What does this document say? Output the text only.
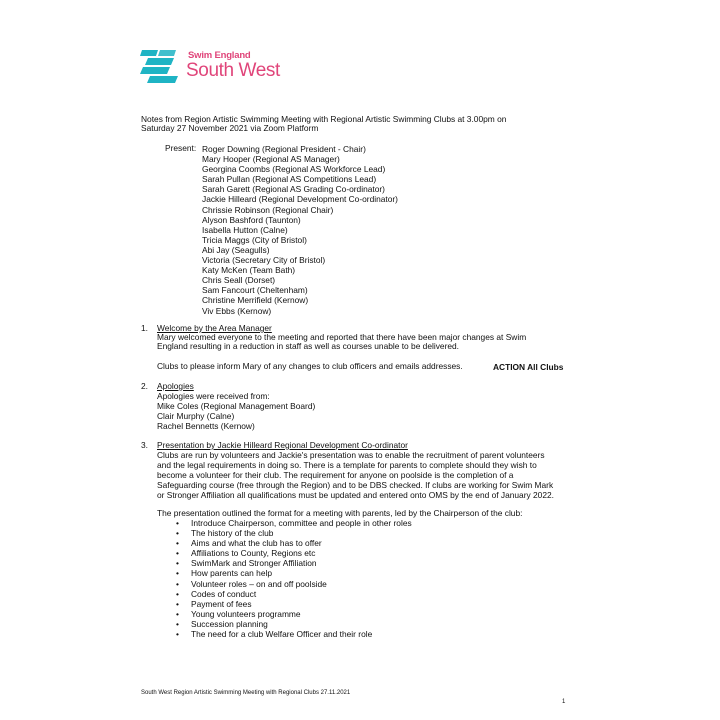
Swim England
South West
Notes from Region Artistic Swimming Meeting with Regional Artistic Swimming Clubs at 3.00pm on
Saturday 27 November 2021 via Zoom Platform
Present: Roger Downing (Regional President - Chair)
Mary Hooper (Regional AS Manager)
Georgina Coombs (Regional AS Workforce Lead)
Sarah Pullan (Regional AS Competitions Lead)
Sarah Garett (Regional AS Grading Co-ordinator)
Jackie Hilleard (Regional Development Co-ordinator)
Chrissie Robinson (Regional Chair)
Alyson Bashford (Taunton)
Isabella Hutton (Calne)
Tricia Maggs (City of Bristol)
Abi Jay (Seagulls)
Victoria (Secretary City of Bristol)
Katy McKen (Team Bath)
Chris Seall (Dorset)
Sam Fancourt (Cheltenham)
Christine Merrifield (Kernow)
Viv Ebbs (Kernow)
1. Welcome by the Area Manager
Mary welcomed everyone to the meeting and reported that there have been major changes at Swim
England resulting in a reduction in staff as well as courses unable to be delivered.
Clubs to please inform Mary of any changes to club officers and emails addresses.	ACTION All Clubs
2. Apologies
Apologies were received from:
Mike Coles (Regional Management Board)
Clair Murphy (Calne)
Rachel Bennetts (Kernow)
3. Presentation by Jackie Hilleard Regional Development Co-ordinator
Clubs are run by volunteers and Jackie's presentation was to enable the recruitment of parent volunteers
and the legal requirements in doing so. There is a template for parents to complete should they wish to
become a volunteer for their club. The requirement for anyone on poolside is the completion of a
Safeguarding course (free through the Region) and to be DBS checked. If clubs are working for Swim Mark
or Stronger Affiliation all qualifications must be updated and entered onto OMS by the end of January 2022.
The presentation outlined the format for a meeting with parents, led by the Chairperson of the club:
• Introduce Chairperson, committee and people in other roles
• The history of the club
• Aims and what the club has to offer
• Affiliations to County, Regions etc
• SwimMark and Stronger Affiliation
• How parents can help
• Volunteer roles – on and off poolside
• Codes of conduct
• Payment of fees
• Young volunteers programme
• Succession planning
• The need for a club Welfare Officer and their role
South West Region Artistic Swimming Meeting with Regional Clubs 27.11.2021
1
